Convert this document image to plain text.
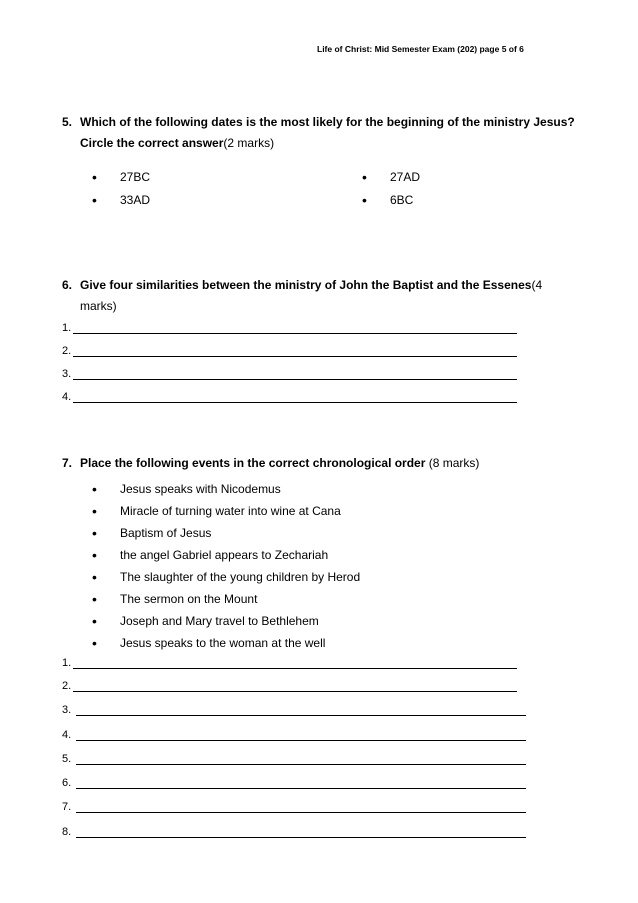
Life of Christ: Mid Semester Exam (202) page 5 of 6
5. Which of the following dates is the most likely for the beginning of the ministry Jesus? Circle the correct answer(2 marks)
•	27BC	•	27AD
•	33AD	•	6BC
6. Give four similarities between the ministry of John the Baptist and the Essenes(4 marks)
1.
2.
3.
4.
7. Place the following events in the correct chronological order (8 marks)
•	Jesus speaks with Nicodemus
•	Miracle of turning water into wine at Cana
•	Baptism of Jesus
•	the angel Gabriel appears to Zechariah
•	The slaughter of the young children by Herod
•	The sermon on the Mount
•	Joseph and Mary travel to Bethlehem
•	Jesus speaks to the woman at the well
1.
2.
3.
4.
5.
6.
7.
8.
